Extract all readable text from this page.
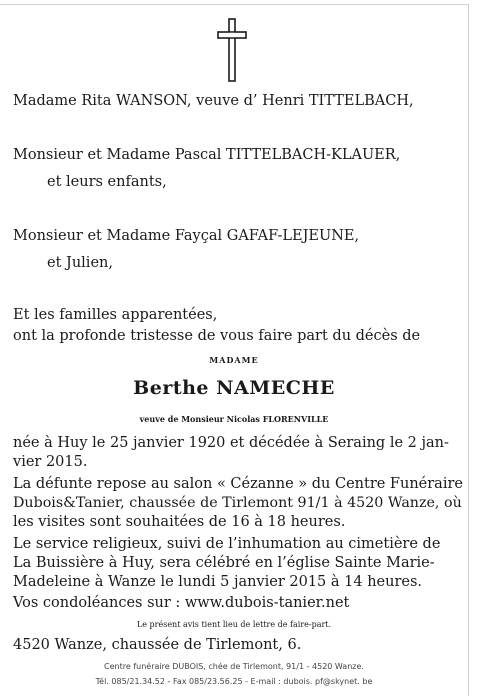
Madame Rita WANSON, veuve d’ Henri TITTELBACH,
Monsieur et Madame Pascal TITTELBACH-KLAUER,
et leurs enfants,
Monsieur et Madame Fayçal GAFAF-LEJEUNE,
et Julien,
Et les familles apparentées,
ont la profonde tristesse de vous faire part du décès de
MADAME
Berthe NAMECHE
veuve de Monsieur Nicolas FLORENVILLE
née à Huy le 25 janvier 1920 et décédée à Seraing le 2 jan-
vier 2015.
La défunte repose au salon « Cézanne » du Centre Funéraire
Dubois&Tanier, chaussée de Tirlemont 91/1 à 4520 Wanze, où
les visites sont souhaitées de 16 à 18 heures.
Le service religieux, suivi de l’inhumation au cimetière de
La Buissière à Huy, sera célébré en l’église Sainte Marie-
Madeleine à Wanze le lundi 5 janvier 2015 à 14 heures.
Vos condoléances sur : www.dubois-tanier.net
Le présent avis tient lieu de lettre de faire-part.
4520 Wanze, chaussée de Tirlemont, 6.
Centre funéraire DUBOIS, chée de Tirlemont, 91/1 - 4520 Wanze.
Tél. 085/21.34.52 - Fax 085/23.56.25 - E-mail : dubois. pf@skynet. be
